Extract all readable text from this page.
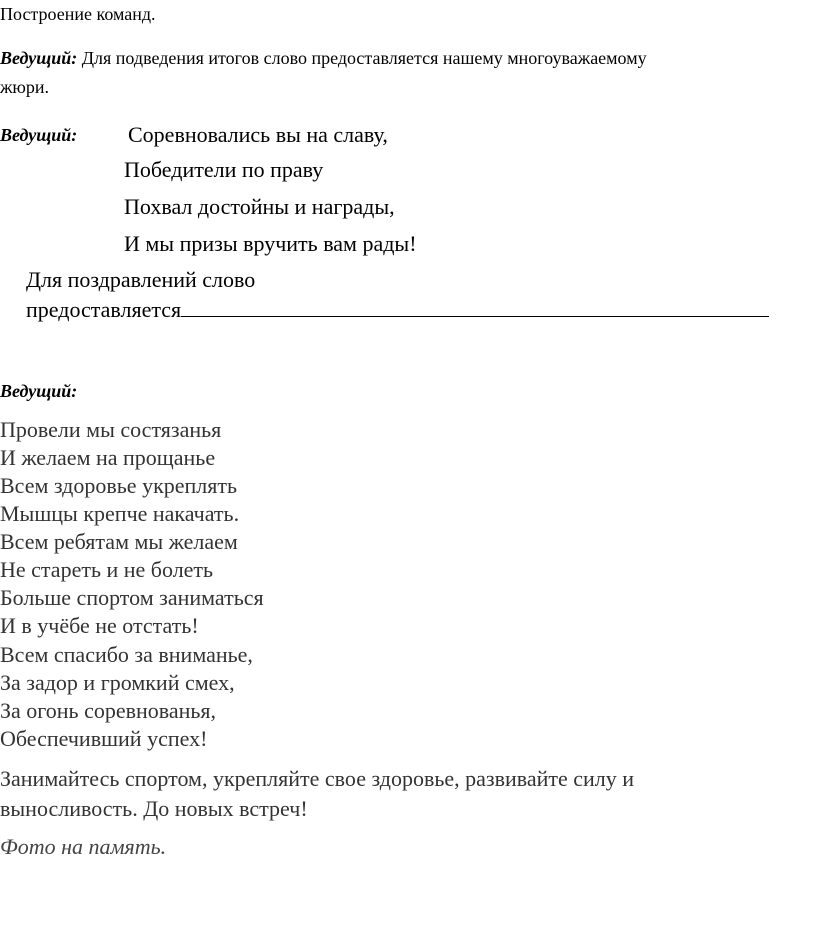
Построение команд.
Ведущий: Для подведения итогов слово предоставляется нашему многоуважаемому
жюри.
Ведущий: Соревновались вы на славу,
Победители по праву
Похвал достойны и награды,
И мы призы вручить вам рады!
Для поздравлений слово
предоставляется
Ведущий:
Провели мы состязанья
И желаем на прощанье
Всем здоровье укреплять
Мышцы крепче накачать.
Всем ребятам мы желаем
Не стареть и не болеть
Больше спортом заниматься
И в учёбе не отстать!
Всем спасибо за вниманье,
За задор и громкий смех,
За огонь соревнованья,
Обеспечивший успех!
Занимайтесь спортом, укрепляйте свое здоровье, развивайте силу и
выносливость. До новых встреч!
Фото на память.
